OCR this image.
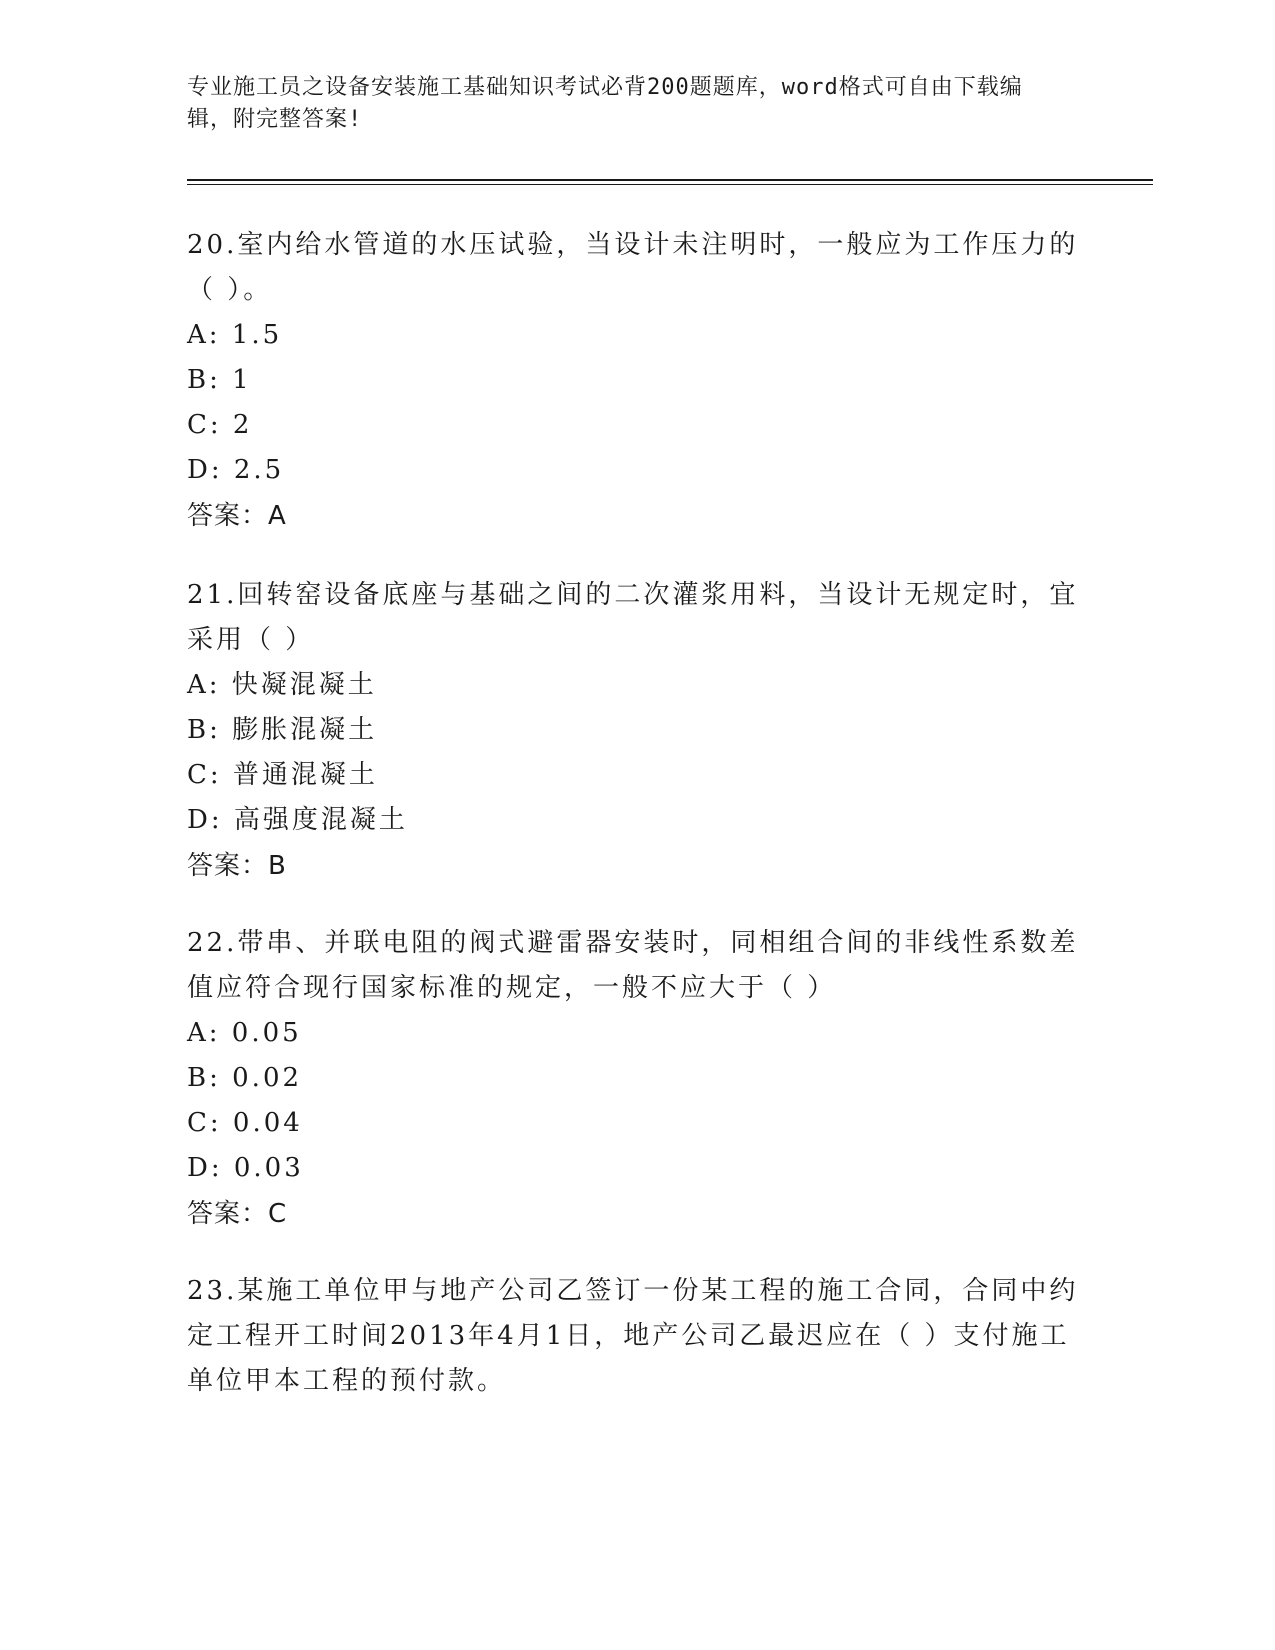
专业施工员之设备安装施工基础知识考试必背200题题库，word格式可自由下载编辑，附完整答案!

20.室内给水管道的水压试验，当设计未注明时，一般应为工作压力的（ ）。

A: 1.5

B: 1

C: 2

D: 2.5

答案：A

21.回转窑设备底座与基础之间的二次灌浆用料，当设计无规定时，宜采用（ ）

A: 快凝混凝土

B: 膨胀混凝土

C: 普通混凝土

D: 高强度混凝土

答案：B

22.带串、并联电阻的阀式避雷器安装时，同相组合间的非线性系数差值应符合现行国家标准的规定，一般不应大于（ ）

A: 0.05

B: 0.02

C: 0.04

D: 0.03

答案：C

23.某施工单位甲与地产公司乙签订一份某工程的施工合同，合同中约定工程开工时间2013年4月1日，地产公司乙最迟应在（ ）支付施工单位甲本工程的预付款。
